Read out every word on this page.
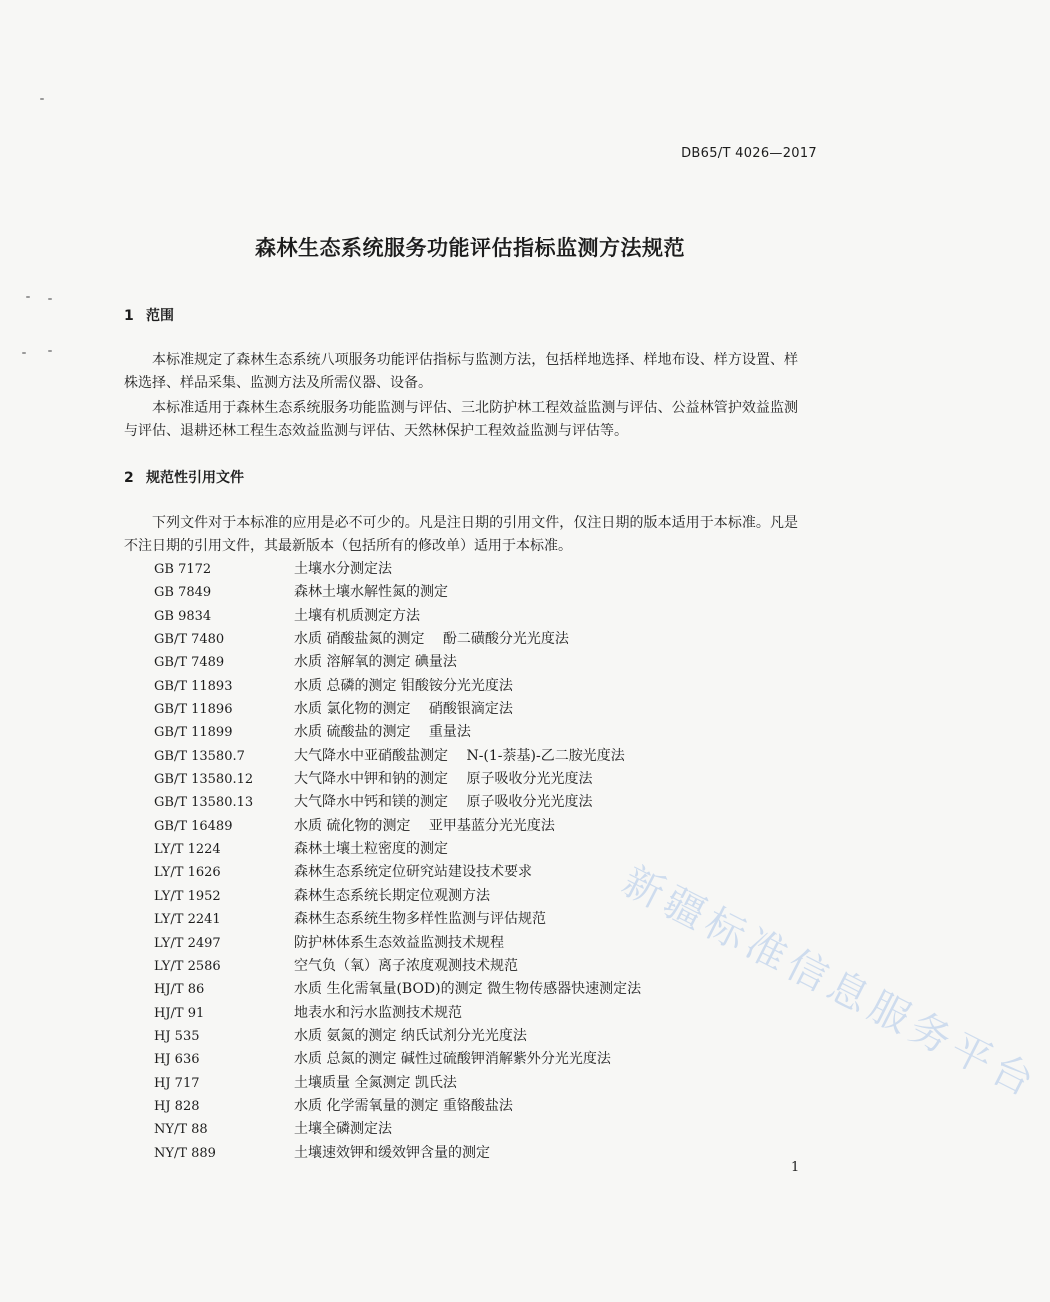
DB65/T 4026—2017
森林生态系统服务功能评估指标监测方法规范
1 范围
本标准规定了森林生态系统八项服务功能评估指标与监测方法，包括样地选择、样地布设、样方设置、样株选择、样品采集、监测方法及所需仪器、设备。
本标准适用于森林生态系统服务功能监测与评估、三北防护林工程效益监测与评估、公益林管护效益监测与评估、退耕还林工程生态效益监测与评估、天然林保护工程效益监测与评估等。
2 规范性引用文件
下列文件对于本标准的应用是必不可少的。凡是注日期的引用文件，仅注日期的版本适用于本标准。凡是不注日期的引用文件，其最新版本（包括所有的修改单）适用于本标准。
GB 7172	土壤水分测定法
GB 7849	森林土壤水解性氮的测定
GB 9834	土壤有机质测定方法
GB/T 7480	水质 硝酸盐氮的测定　 酚二磺酸分光光度法
GB/T 7489	水质 溶解氧的测定 碘量法
GB/T 11893	水质 总磷的测定 钼酸铵分光光度法
GB/T 11896	水质 氯化物的测定　 硝酸银滴定法
GB/T 11899	水质 硫酸盐的测定　 重量法
GB/T 13580.7	大气降水中亚硝酸盐测定　 N-(1-萘基)-乙二胺光度法
GB/T 13580.12	大气降水中钾和钠的测定　 原子吸收分光光度法
GB/T 13580.13	大气降水中钙和镁的测定　 原子吸收分光光度法
GB/T 16489	水质 硫化物的测定　 亚甲基蓝分光光度法
LY/T 1224	森林土壤土粒密度的测定
LY/T 1626	森林生态系统定位研究站建设技术要求
LY/T 1952	森林生态系统长期定位观测方法
LY/T 2241	森林生态系统生物多样性监测与评估规范
LY/T 2497	防护林体系生态效益监测技术规程
LY/T 2586	空气负（氧）离子浓度观测技术规范
HJ/T 86	水质 生化需氧量(BOD)的测定 微生物传感器快速测定法
HJ/T 91	地表水和污水监测技术规范
HJ 535	水质 氨氮的测定 纳氏试剂分光光度法
HJ 636	水质 总氮的测定 碱性过硫酸钾消解紫外分光光度法
HJ 717	土壤质量 全氮测定 凯氏法
HJ 828	水质 化学需氧量的测定 重铬酸盐法
NY/T 88	土壤全磷测定法
NY/T 889	土壤速效钾和缓效钾含量的测定
新疆标准信息服务平台
1
